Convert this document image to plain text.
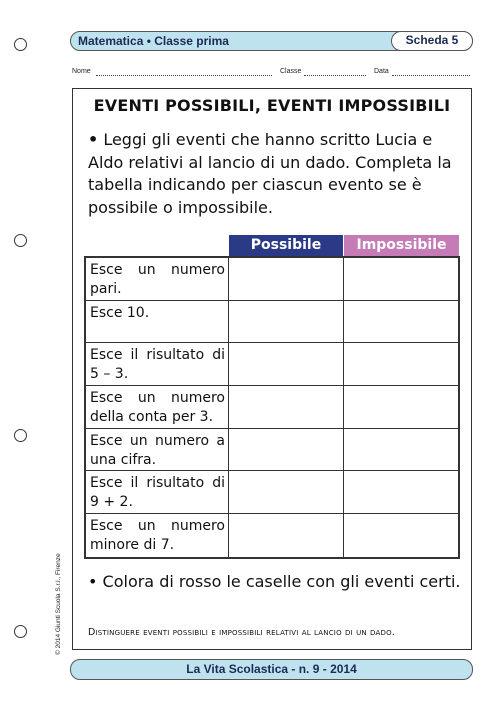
Matematica • Classe prima	Scheda 5
Nome	Classe	Data
EVENTI POSSIBILI, EVENTI IMPOSSIBILI
• Leggi gli eventi che hanno scritto Lucia e Aldo relativi al lancio di un dado. Completa la tabella indicando per ciascun evento se è possibile o impossibile.
Possibile	Impossibile
Esce un numero pari.
Esce 10.
Esce il risultato di 5 – 3.
Esce un numero della conta per 3.
Esce un numero a una cifra.
Esce il risultato di 9 + 2.
Esce un numero minore di 7.
• Colora di rosso le caselle con gli eventi certi.
Distinguere eventi possibili e impossibili relativi al lancio di un dado.
© 2014 Giunti Scuola S.r.l., Firenze
La Vita Scolastica - n. 9 - 2014
